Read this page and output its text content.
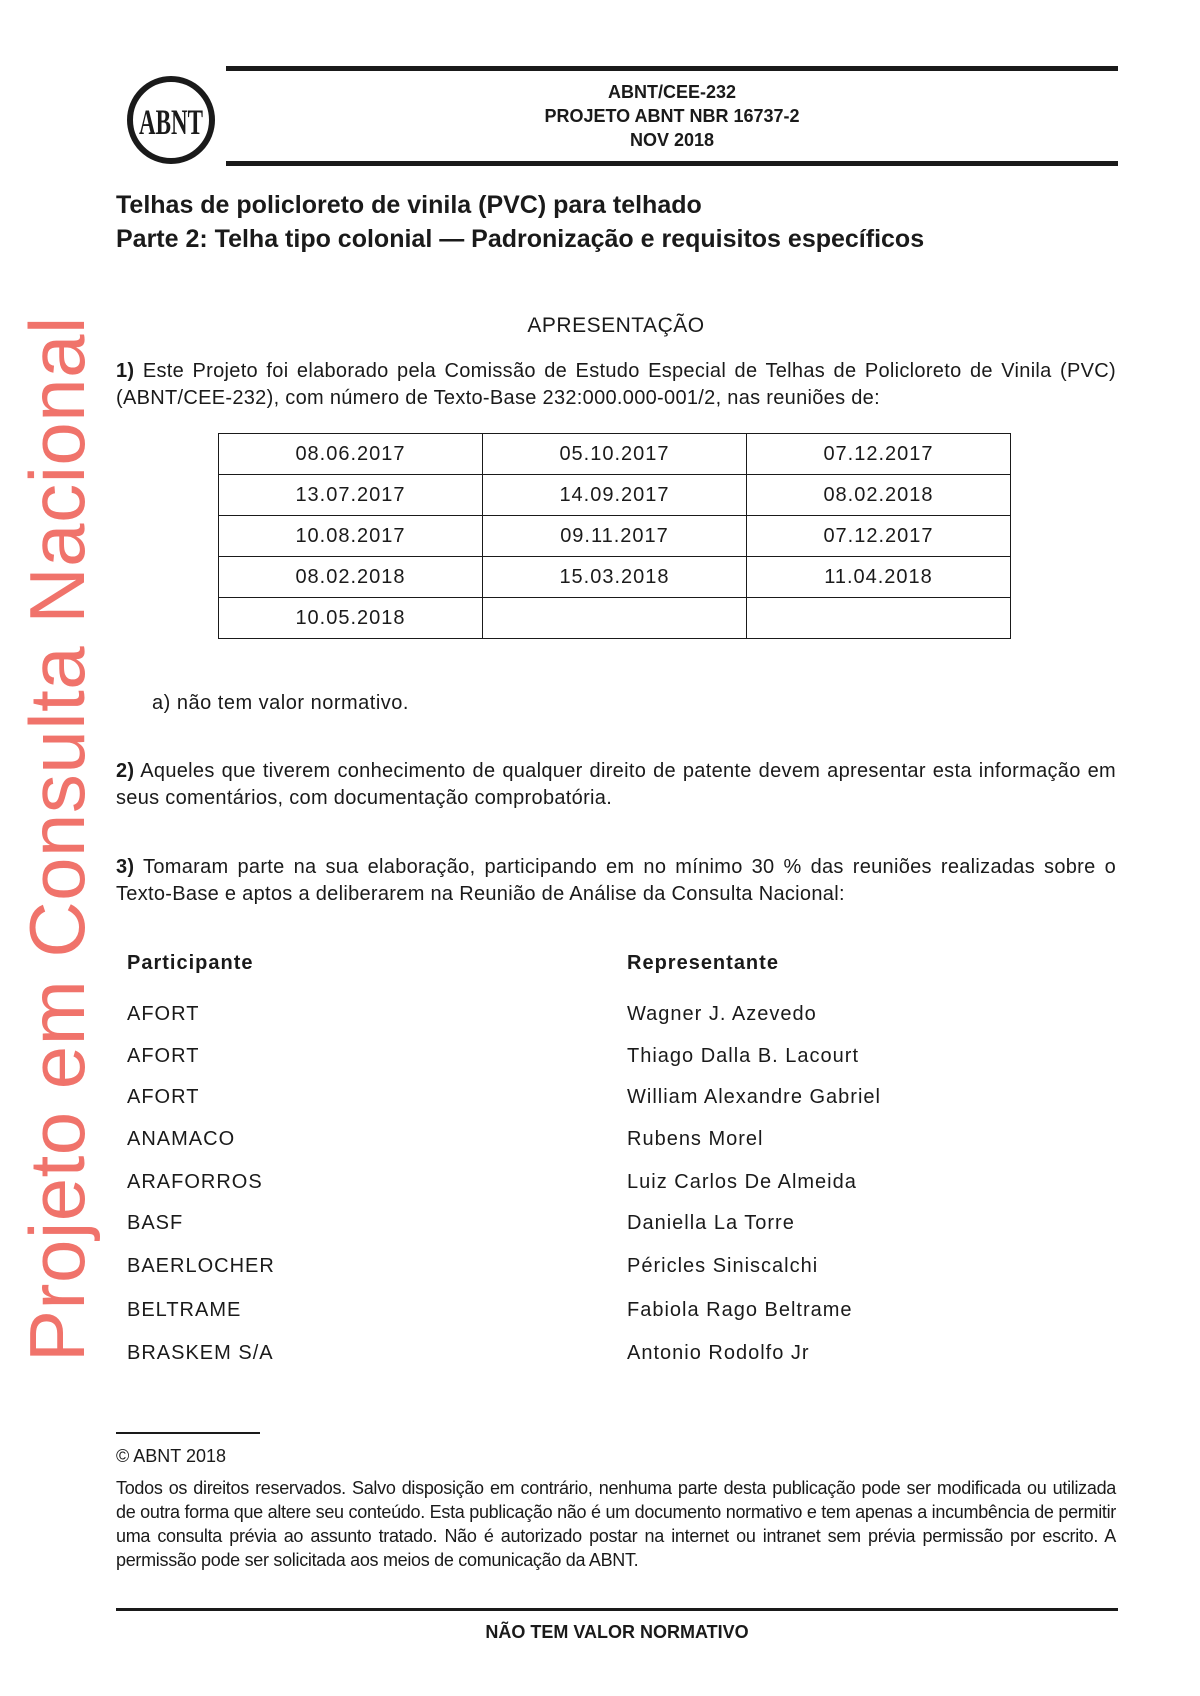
ABNT
ABNT/CEE-232
PROJETO ABNT NBR 16737-2
NOV 2018
Telhas de policloreto de vinila (PVC) para telhado
Parte 2: Telha tipo colonial — Padronização e requisitos específicos
APRESENTAÇÃO
1) Este Projeto foi elaborado pela Comissão de Estudo Especial de Telhas de Policloreto de Vinila (PVC) (ABNT/CEE-232), com número de Texto-Base 232:000.000-001/2, nas reuniões de:
08.06.2017	05.10.2017	07.12.2017
13.07.2017	14.09.2017	08.02.2018
10.08.2017	09.11.2017	07.12.2017
08.02.2018	15.03.2018	11.04.2018
10.05.2018		
a) não tem valor normativo.
2) Aqueles que tiverem conhecimento de qualquer direito de patente devem apresentar esta informação em seus comentários, com documentação comprobatória.
3) Tomaram parte na sua elaboração, participando em no mínimo 30 % das reuniões realizadas sobre o Texto-Base e aptos a deliberarem na Reunião de Análise da Consulta Nacional:
Participante	Representante
AFORT	Wagner J. Azevedo
AFORT	Thiago Dalla B. Lacourt
AFORT	William Alexandre Gabriel
ANAMACO	Rubens Morel
ARAFORROS	Luiz Carlos De Almeida
BASF	Daniella La Torre
BAERLOCHER	Péricles Siniscalchi
BELTRAME	Fabiola Rago Beltrame
BRASKEM S/A	Antonio Rodolfo Jr
Projeto em Consulta Nacional
© ABNT 2018
Todos os direitos reservados. Salvo disposição em contrário, nenhuma parte desta publicação pode ser modificada ou utilizada de outra forma que altere seu conteúdo. Esta publicação não é um documento normativo e tem apenas a incumbência de permitir uma consulta prévia ao assunto tratado. Não é autorizado postar na internet ou intranet sem prévia permissão por escrito. A permissão pode ser solicitada aos meios de comunicação da ABNT.
NÃO TEM VALOR NORMATIVO
